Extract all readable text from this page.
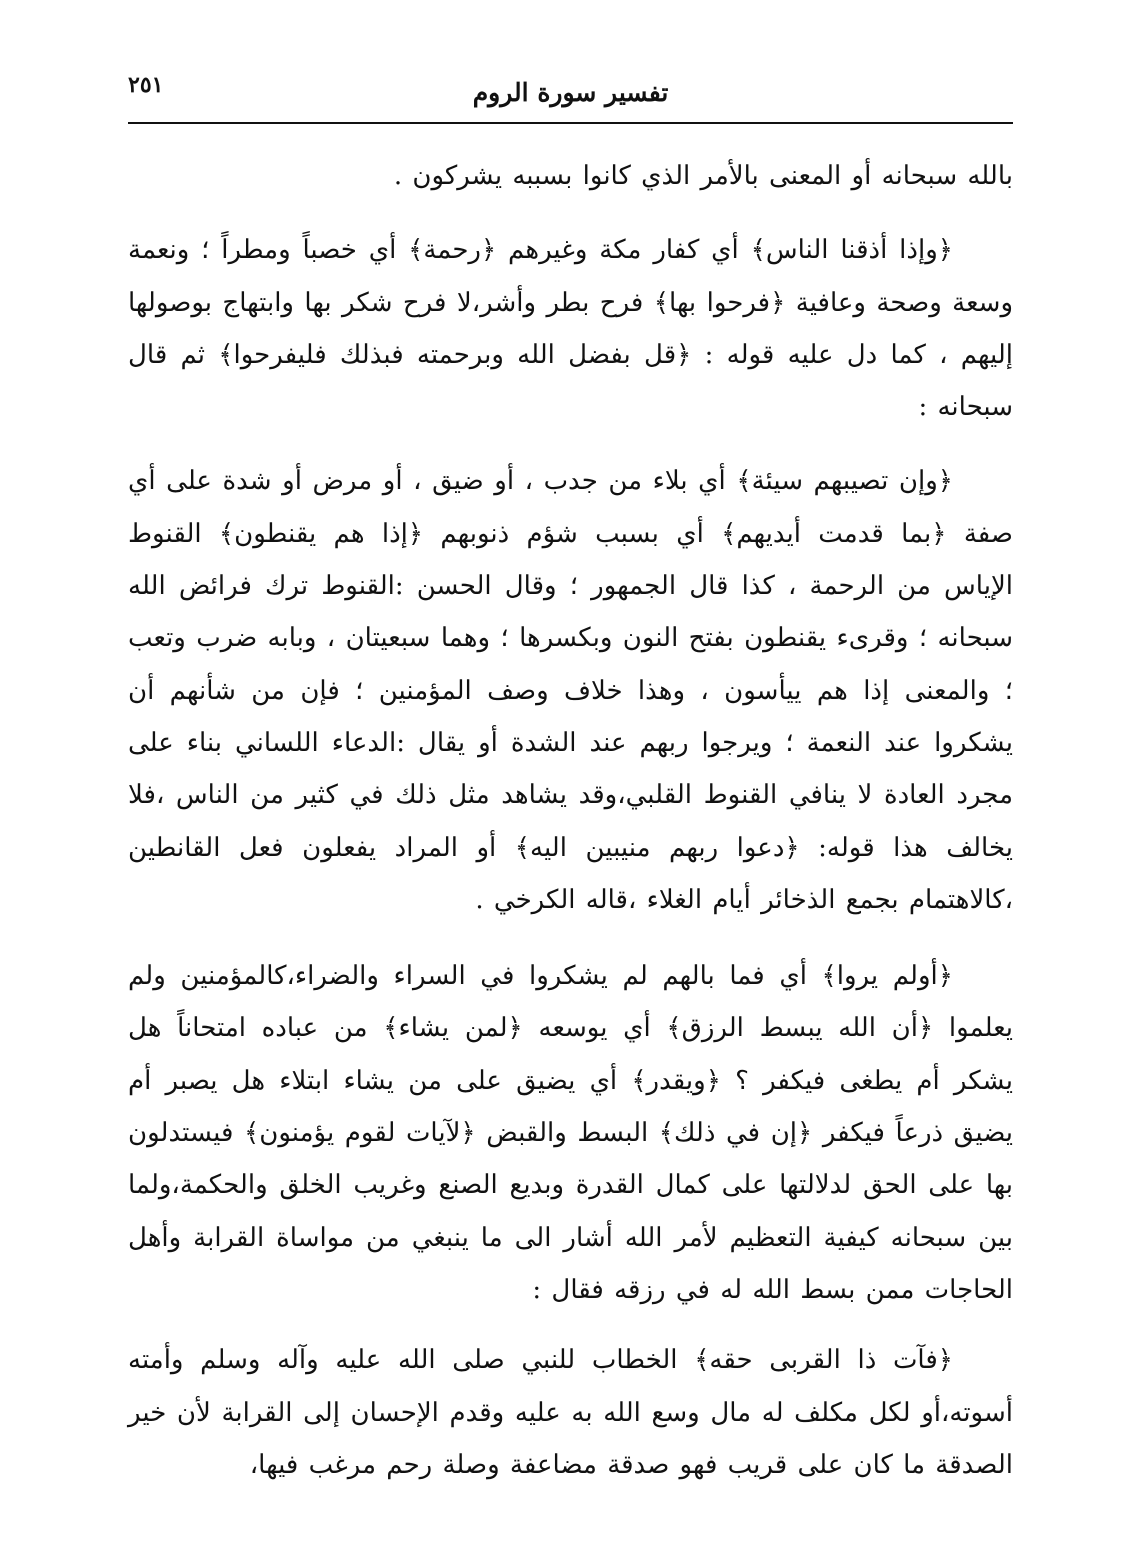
٢٥١	تفسير سورة الروم

بالله سبحانه أو المعنى بالأمر الذي كانوا بسببه يشركون .

﴿وإذا أذقنا الناس﴾ أي كفار مكة وغيرهم ﴿رحمة﴾ أي خصباً ومطراً ؛ ونعمة وسعة وصحة وعافية ﴿فرحوا بها﴾ فرح بطر وأشر،لا فرح شكر بها وابتهاج بوصولها إليهم ، كما دل عليه قوله : ﴿قل بفضل الله وبرحمته فبذلك فليفرحوا﴾ ثم قال سبحانه :

﴿وإن تصيبهم سيئة﴾ أي بلاء من جدب ، أو ضيق ، أو مرض أو شدة على أي صفة ﴿بما قدمت أيديهم﴾ أي بسبب شؤم ذنوبهم ﴿إذا هم يقنطون﴾ القنوط الإياس من الرحمة ، كذا قال الجمهور ؛ وقال الحسن :القنوط ترك فرائض الله سبحانه ؛ وقرىء يقنطون بفتح النون وبكسرها ؛ وهما سبعيتان ، وبابه ضرب وتعب ؛ والمعنى إذا هم ييأسون ، وهذا خلاف وصف المؤمنين ؛ فإن من شأنهم أن يشكروا عند النعمة ؛ ويرجوا ربهم عند الشدة أو يقال :الدعاء اللساني بناء على مجرد العادة لا ينافي القنوط القلبي،وقد يشاهد مثل ذلك في كثير من الناس ،فلا يخالف هذا قوله: ﴿دعوا ربهم منيبين اليه﴾ أو المراد يفعلون فعل القانطين ،كالاهتمام بجمع الذخائر أيام الغلاء ،قاله الكرخي .

﴿أولم يروا﴾ أي فما بالهم لم يشكروا في السراء والضراء،كالمؤمنين ولم يعلموا ﴿أن الله يبسط الرزق﴾ أي يوسعه ﴿لمن يشاء﴾ من عباده امتحاناً هل يشكر أم يطغى فيكفر ؟ ﴿ويقدر﴾ أي يضيق على من يشاء ابتلاء هل يصبر أم يضيق ذرعاً فيكفر ﴿إن في ذلك﴾ البسط والقبض ﴿لآيات لقوم يؤمنون﴾ فيستدلون بها على الحق لدلالتها على كمال القدرة وبديع الصنع وغريب الخلق والحكمة،ولما بين سبحانه كيفية التعظيم لأمر الله أشار الى ما ينبغي من مواساة القرابة وأهل الحاجات ممن بسط الله له في رزقه فقال :

﴿فآت ذا القربى حقه﴾ الخطاب للنبي صلى الله عليه وآله وسلم وأمته أسوته،أو لكل مكلف له مال وسع الله به عليه وقدم الإحسان إلى القرابة لأن خير الصدقة ما كان على قريب فهو صدقة مضاعفة وصلة رحم مرغب فيها،
